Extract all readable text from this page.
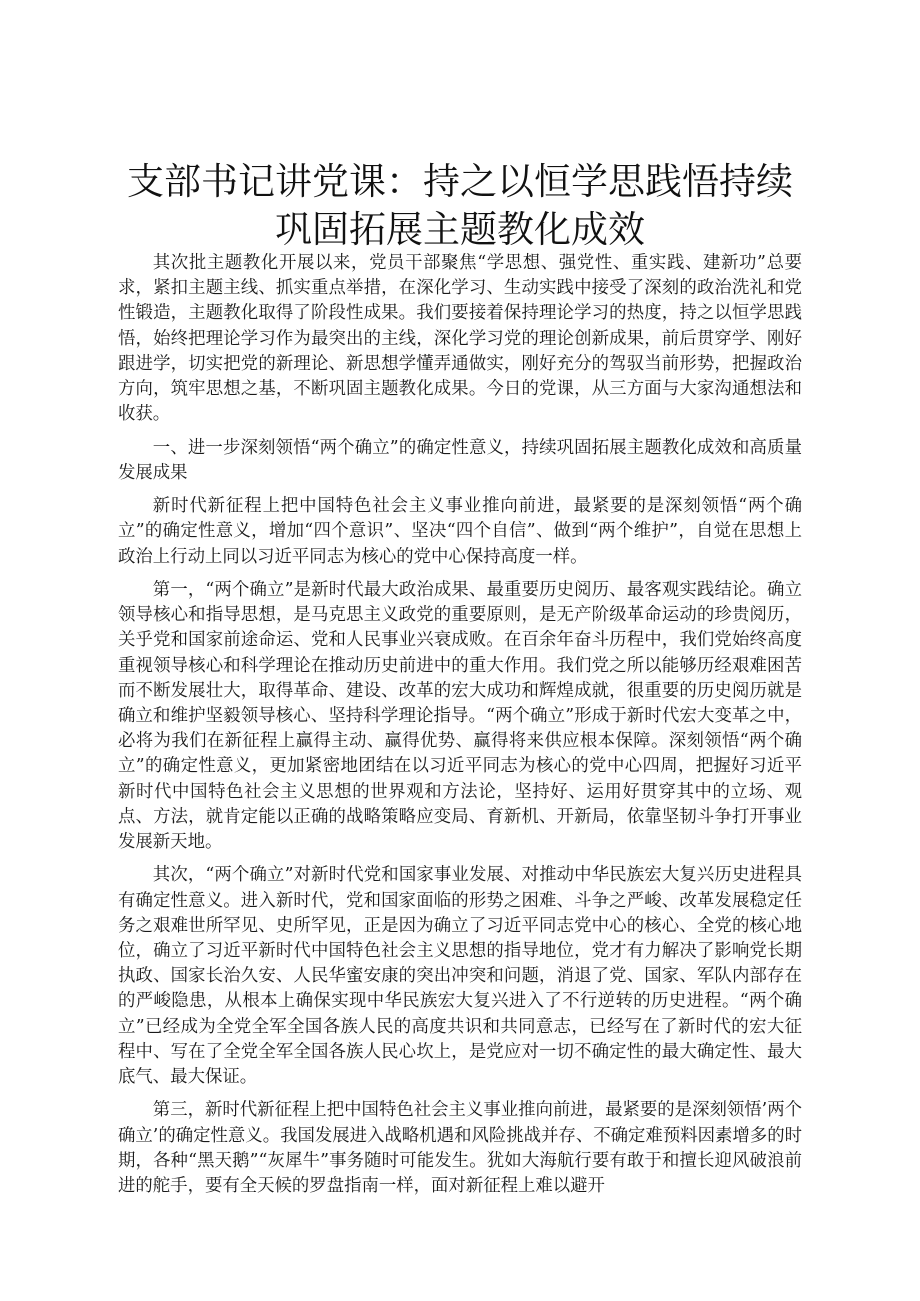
支部书记讲党课：持之以恒学思践悟持续巩固拓展主题教化成效

其次批主题教化开展以来，党员干部聚焦“学思想、强党性、重实践、建新功”总要求，紧扣主题主线、抓实重点举措，在深化学习、生动实践中接受了深刻的政治洗礼和党性锻造，主题教化取得了阶段性成果。我们要接着保持理论学习的热度，持之以恒学思践悟，始终把理论学习作为最突出的主线，深化学习党的理论创新成果，前后贯穿学、刚好跟进学，切实把党的新理论、新思想学懂弄通做实，刚好充分的驾驭当前形势，把握政治方向，筑牢思想之基，不断巩固主题教化成果。今日的党课，从三方面与大家沟通想法和收获。

一、进一步深刻领悟“两个确立”的确定性意义，持续巩固拓展主题教化成效和高质量发展成果

新时代新征程上把中国特色社会主义事业推向前进，最紧要的是深刻领悟“两个确立”的确定性意义，增加“四个意识”、坚决“四个自信”、做到“两个维护”，自觉在思想上政治上行动上同以习近平同志为核心的党中心保持高度一样。

第一，“两个确立”是新时代最大政治成果、最重要历史阅历、最客观实践结论。确立领导核心和指导思想，是马克思主义政党的重要原则，是无产阶级革命运动的珍贵阅历，关乎党和国家前途命运、党和人民事业兴衰成败。在百余年奋斗历程中，我们党始终高度重视领导核心和科学理论在推动历史前进中的重大作用。我们党之所以能够历经艰难困苦而不断发展壮大，取得革命、建设、改革的宏大成功和辉煌成就，很重要的历史阅历就是确立和维护坚毅领导核心、坚持科学理论指导。“两个确立”形成于新时代宏大变革之中，必将为我们在新征程上赢得主动、赢得优势、赢得将来供应根本保障。深刻领悟“两个确立”的确定性意义，更加紧密地团结在以习近平同志为核心的党中心四周，把握好习近平新时代中国特色社会主义思想的世界观和方法论，坚持好、运用好贯穿其中的立场、观点、方法，就肯定能以正确的战略策略应变局、育新机、开新局，依靠坚韧斗争打开事业发展新天地。

其次，“两个确立”对新时代党和国家事业发展、对推动中华民族宏大复兴历史进程具有确定性意义。进入新时代，党和国家面临的形势之困难、斗争之严峻、改革发展稳定任务之艰难世所罕见、史所罕见，正是因为确立了习近平同志党中心的核心、全党的核心地位，确立了习近平新时代中国特色社会主义思想的指导地位，党才有力解决了影响党长期执政、国家长治久安、人民华蜜安康的突出冲突和问题，消退了党、国家、军队内部存在的严峻隐患，从根本上确保实现中华民族宏大复兴进入了不行逆转的历史进程。“两个确立”已经成为全党全军全国各族人民的高度共识和共同意志，已经写在了新时代的宏大征程中、写在了全党全军全国各族人民心坎上，是党应对一切不确定性的最大确定性、最大底气、最大保证。

第三，新时代新征程上把中国特色社会主义事业推向前进，最紧要的是深刻领悟’两个确立’的确定性意义。我国发展进入战略机遇和风险挑战并存、不确定难预料因素增多的时期，各种“黑天鹅”“灰犀牛”事务随时可能发生。犹如大海航行要有敢于和擅长迎风破浪前进的舵手，要有全天候的罗盘指南一样，面对新征程上难以避开
